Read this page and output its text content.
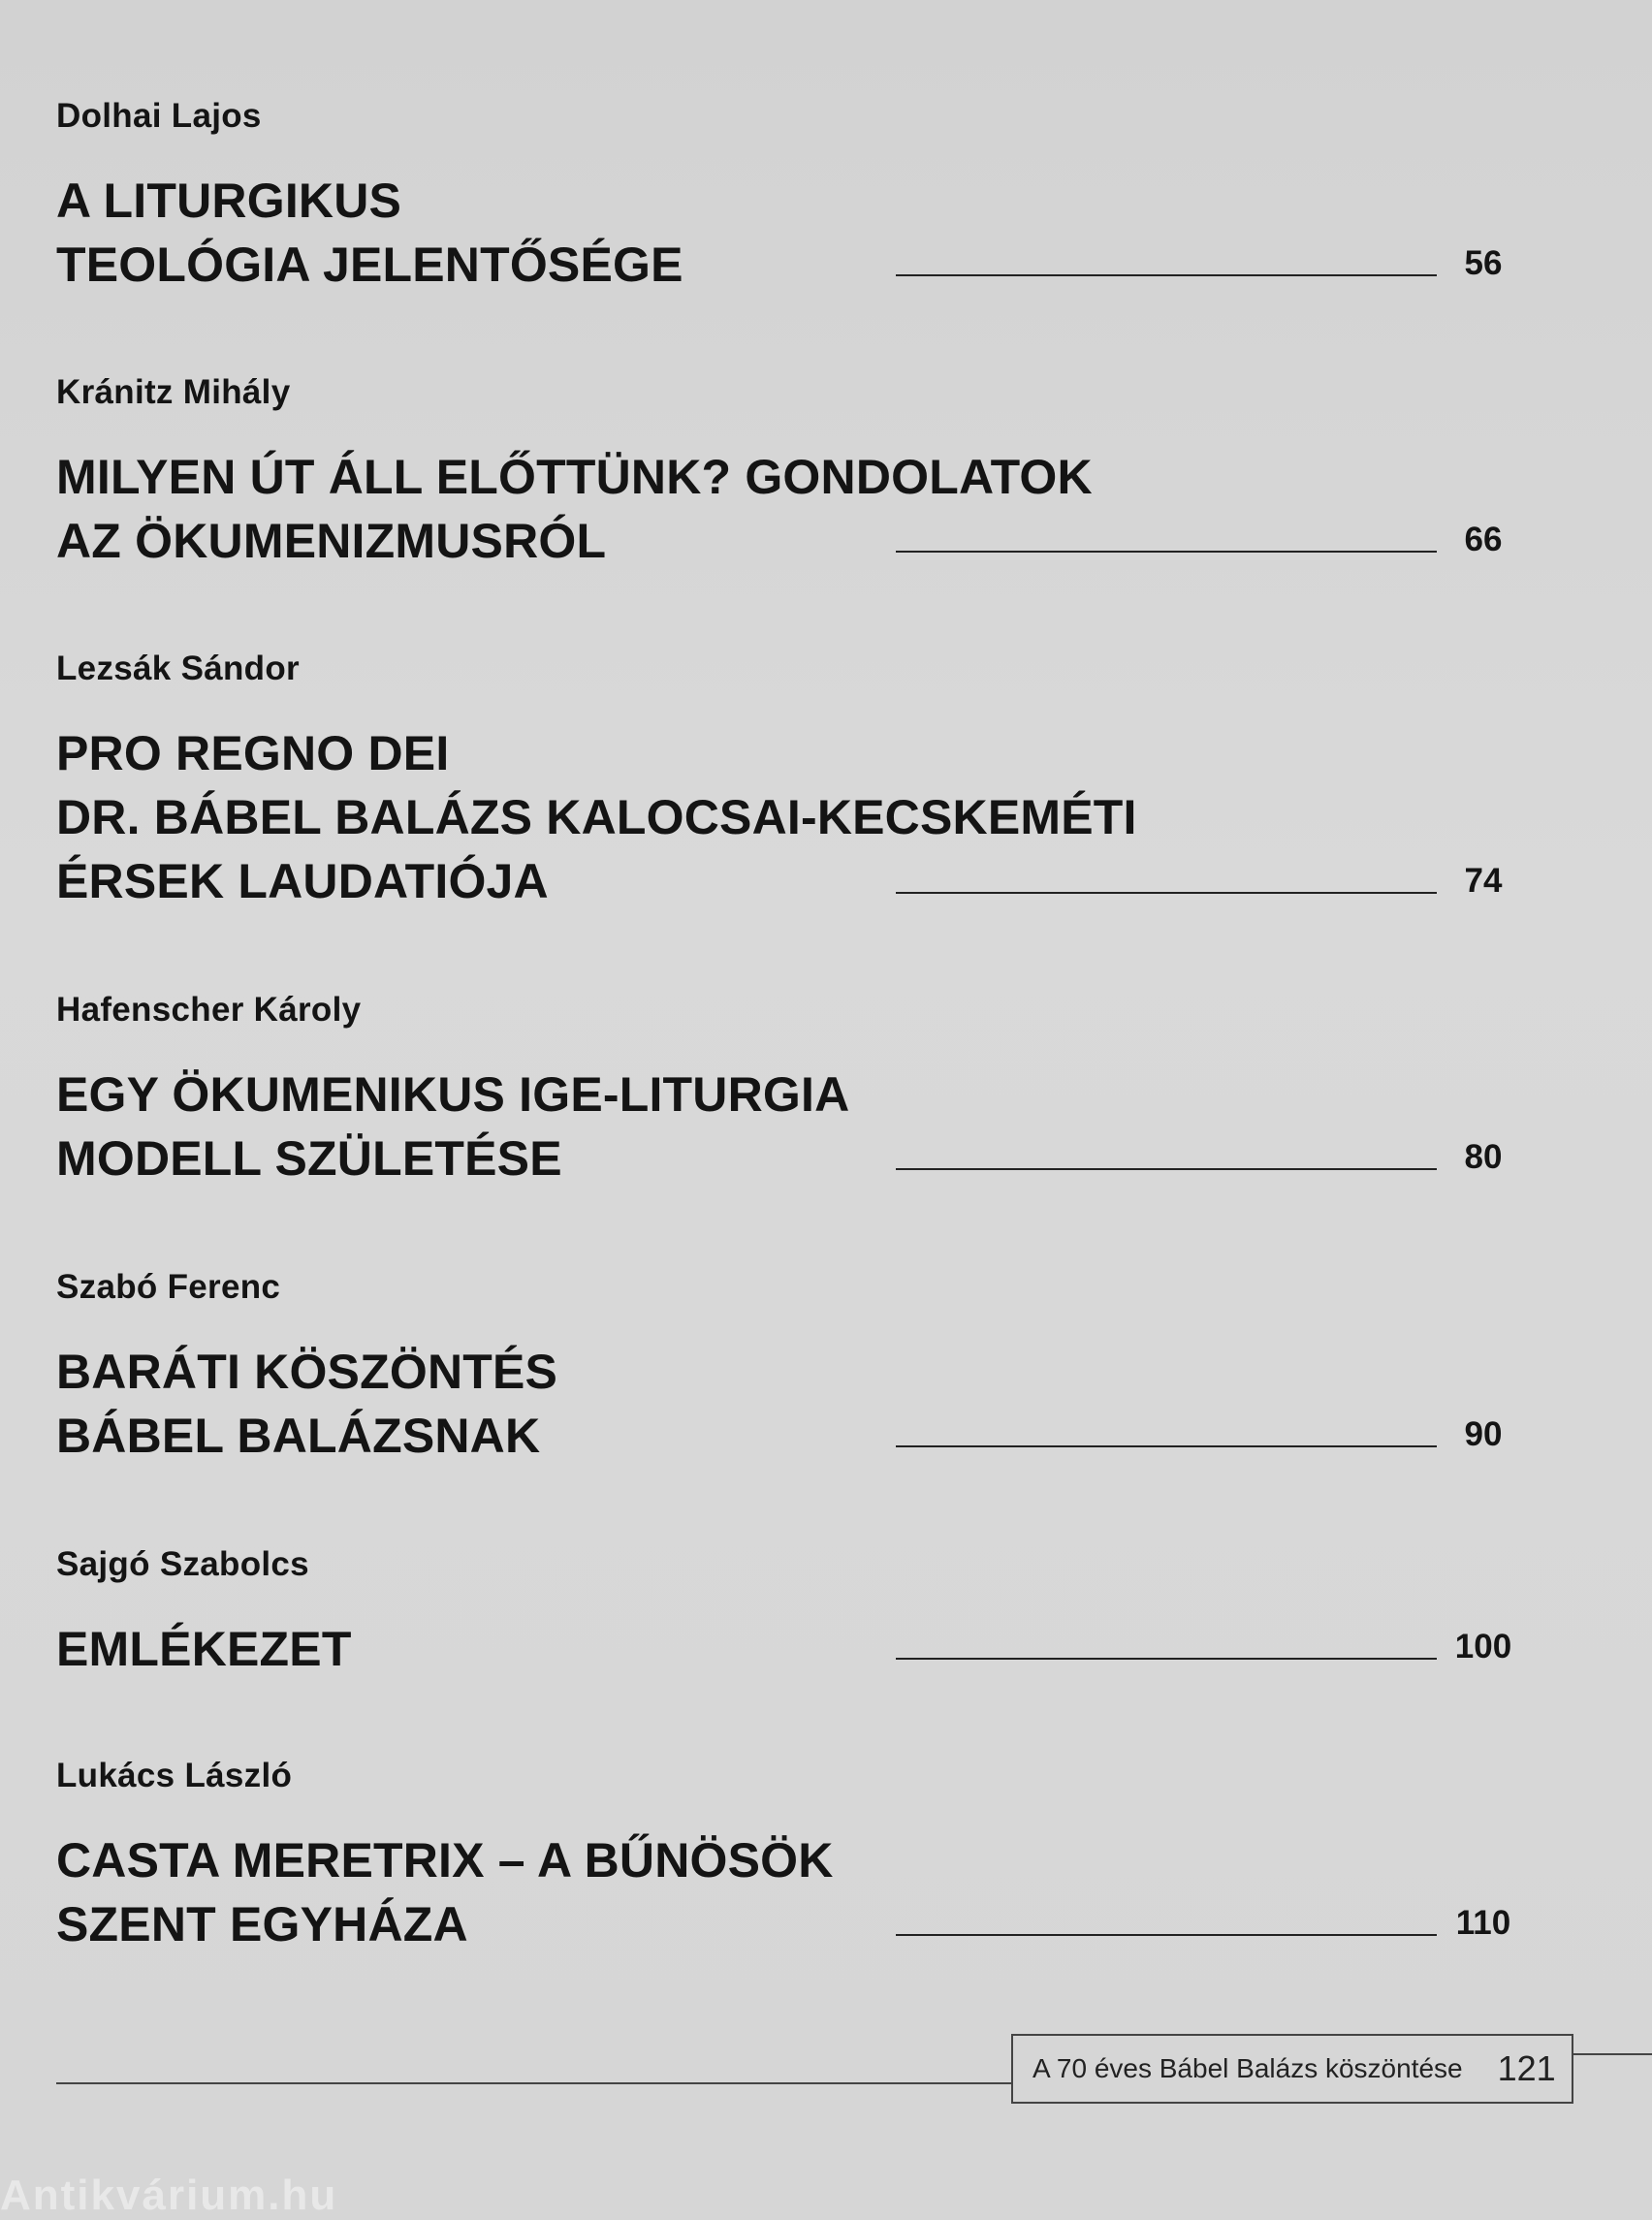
Dolhai Lajos

A LITURGIKUS
TEOLÓGIA JELENTŐSÉGE	56

Kránitz Mihály

MILYEN ÚT ÁLL ELŐTTÜNK? GONDOLATOK
AZ ÖKUMENIZMUSRÓL	66

Lezsák Sándor

PRO REGNO DEI
DR. BÁBEL BALÁZS KALOCSAI-KECSKEMÉTI
ÉRSEK LAUDATIÓJA	74

Hafenscher Károly

EGY ÖKUMENIKUS IGE-LITURGIA
MODELL SZÜLETÉSE	80

Szabó Ferenc

BARÁTI KÖSZÖNTÉS
BÁBEL BALÁZSNAK	90

Sajgó Szabolcs

EMLÉKEZET	100

Lukács László

CASTA MERETRIX – A BŰNÖSÖK
SZENT EGYHÁZA	110
A 70 éves Bábel Balázs köszöntése 121
Antikvárium.hu
